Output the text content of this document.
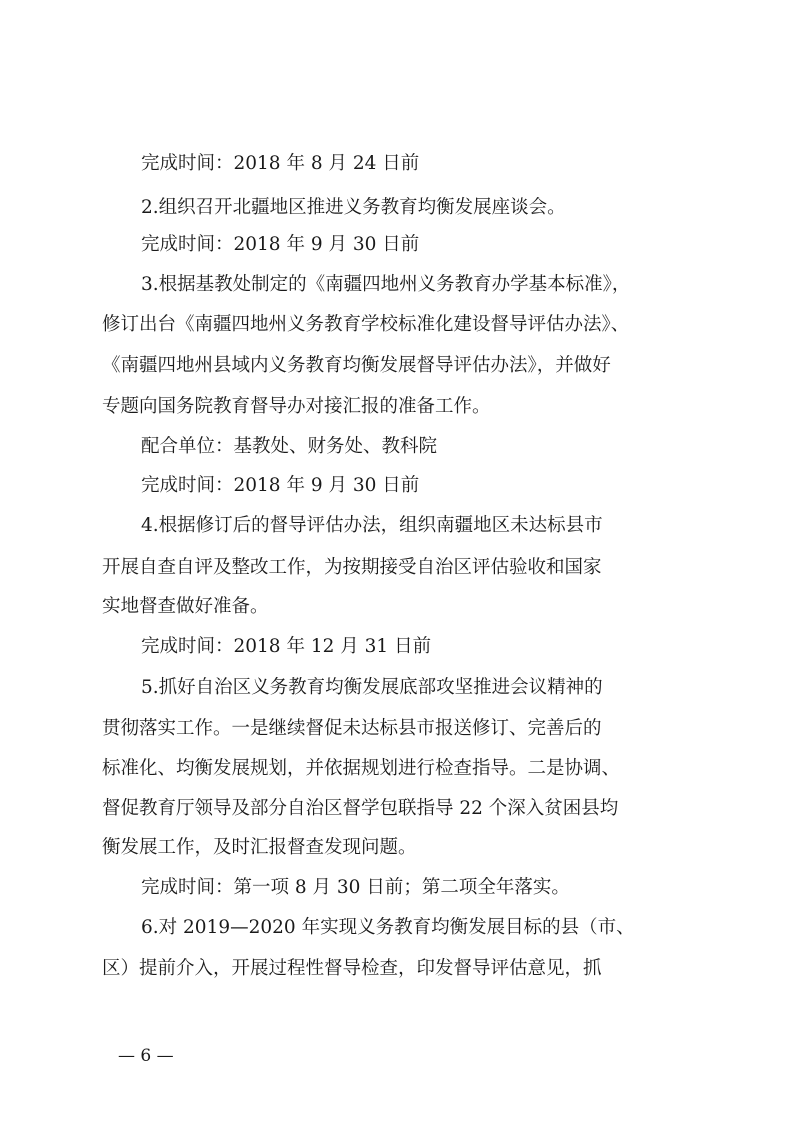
完成时间：2018 年 8 月 24 日前
2.组织召开北疆地区推进义务教育均衡发展座谈会。
完成时间：2018 年 9 月 30 日前
3.根据基教处制定的《南疆四地州义务教育办学基本标准》，
修订出台《南疆四地州义务教育学校标准化建设督导评估办法》、
《南疆四地州县域内义务教育均衡发展督导评估办法》，并做好
专题向国务院教育督导办对接汇报的准备工作。
配合单位：基教处、财务处、教科院
完成时间：2018 年 9 月 30 日前
4.根据修订后的督导评估办法，组织南疆地区未达标县市
开展自查自评及整改工作，为按期接受自治区评估验收和国家
实地督查做好准备。
完成时间：2018 年 12 月 31 日前
5.抓好自治区义务教育均衡发展底部攻坚推进会议精神的
贯彻落实工作。一是继续督促未达标县市报送修订、完善后的
标准化、均衡发展规划，并依据规划进行检查指导。二是协调、
督促教育厅领导及部分自治区督学包联指导 22 个深入贫困县均
衡发展工作，及时汇报督查发现问题。
完成时间：第一项 8 月 30 日前；第二项全年落实。
6.对 2019—2020 年实现义务教育均衡发展目标的县（市、
区）提前介入，开展过程性督导检查，印发督导评估意见，抓
— 6 —
